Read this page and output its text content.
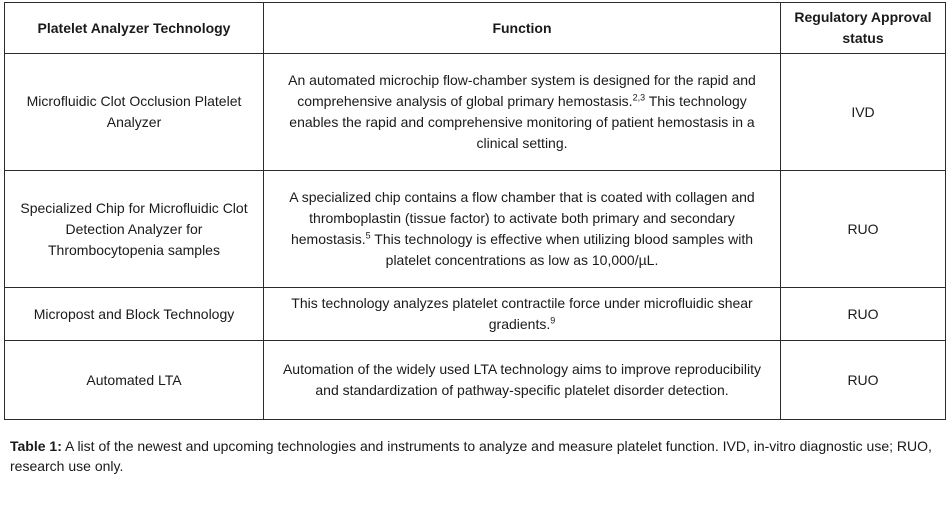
Platelet Analyzer Technology	Function	Regulatory Approval status
Microfluidic Clot Occlusion Platelet Analyzer	An automated microchip flow-chamber system is designed for the rapid and comprehensive analysis of global primary hemostasis.$^{2,3}$ This technology enables the rapid and comprehensive monitoring of patient hemostasis in a clinical setting.	IVD
Specialized Chip for Microfluidic Clot Detection Analyzer for Thrombocytopenia samples	A specialized chip contains a flow chamber that is coated with collagen and thromboplastin (tissue factor) to activate both primary and secondary hemostasis.$^5$ This technology is effective when utilizing blood samples with platelet concentrations as low as 10,000/µL.	RUO
Micropost and Block Technology	This technology analyzes platelet contractile force under microfluidic shear gradients.$^9$	RUO
Automated LTA	Automation of the widely used LTA technology aims to improve reproducibility and standardization of pathway-specific platelet disorder detection.	RUO
Table 1: A list of the newest and upcoming technologies and instruments to analyze and measure platelet function. IVD, in-vitro diagnostic use; RUO, research use only.
